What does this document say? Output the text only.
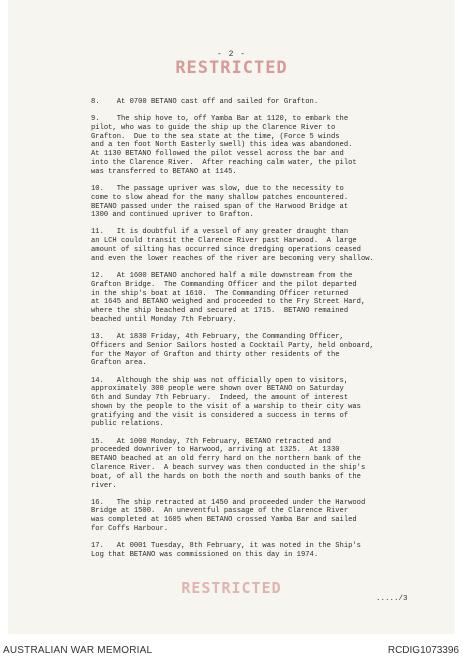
- 2 -
RESTRICTED

8.    At 0700 BETANO cast off and sailed for Grafton.

9.    The ship hove to, off Yamba Bar at 1120, to embark the
pilot, who was to guide the ship up the Clarence River to
Grafton.  Due to the sea state at the time, (Force 5 winds
and a ten foot North Easterly swell) this idea was abandoned.
At 1130 BETANO followed the pilot vessel across the bar and
into the Clarence River.  After reaching calm water, the pilot
was transferred to BETANO at 1145.

10.   The passage upriver was slow, due to the necessity to
come to slow ahead for the many shallow patches encountered.
BETANO passed under the raised span of the Harwood Bridge at
1300 and continued upriver to Grafton.

11.   It is doubtful if a vessel of any greater draught than
an LCH could transit the Clarence River past Harwood.  A large
amount of silting has occurred since dredging operations ceased
and even the lower reaches of the river are becoming very shallow.

12.   At 1600 BETANO anchored half a mile downstream from the
Grafton Bridge.  The Commanding Officer and the pilot departed
in the ship's boat at 1610.  The Commanding Officer returned
at 1645 and BETANO weighed and proceeded to the Fry Street Hard,
where the ship beached and secured at 1715.  BETANO remained
beached until Monday 7th February.

13.   At 1830 Friday, 4th February, the Commanding Officer,
Officers and Senior Sailors hosted a Cocktail Party, held onboard,
for the Mayor of Grafton and thirty other residents of the
Grafton area.

14.   Although the ship was not officially open to visitors,
approximately 300 people were shown over BETANO on Saturday
6th and Sunday 7th February.  Indeed, the amount of interest
shown by the people to the visit of a warship to their city was
gratifying and the visit is considered a success in terms of
public relations.

15.   At 1000 Monday, 7th February, BETANO retracted and
proceeded downriver to Harwood, arriving at 1325.  At 1330
BETANO beached at an old ferry hard on the northern bank of the
Clarence River.  A beach survey was then conducted in the ship's
boat, of all the hards on both the north and south banks of the
river.

16.   The ship retracted at 1450 and proceeded under the Harwood
Bridge at 1500.  An uneventful passage of the Clarence River
was completed at 1605 when BETANO crossed Yamba Bar and sailed
for Coffs Harbour.

17.   At 0001 Tuesday, 8th February, it was noted in the Ship's
Log that BETANO was commissioned on this day in 1974.

RESTRICTED
...../3
AUSTRALIAN WAR MEMORIAL	RCDIG1073396
